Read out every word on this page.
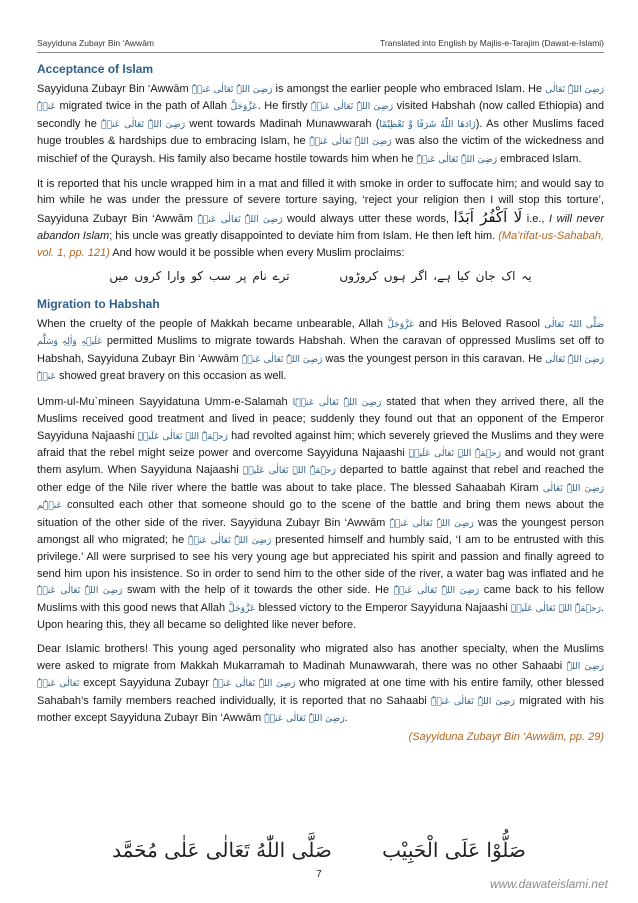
Sayyiduna Zubayr Bin ‘Awwām	Translated into English by Majlis-e-Tarajim (Dawat-e-Islami)
Acceptance of Islam

Sayyiduna Zubayr Bin ‘Awwām رَضِیَ اللہُ تَعَالٰی عَنۡہُ is amongst the earlier people who embraced Islam. He رَضِیَ اللہُ تَعَالٰی عَنۡہُ migrated twice in the path of Allah عَزَّوَجَلَّ. He firstly رَضِیَ اللہُ تَعَالٰی عَنۡہُ visited Habshah (now called Ethiopia) and secondly he رَضِیَ اللہُ تَعَالٰی عَنۡہُ went towards Madinah Munawwarah (زَادَهَا اللّٰهُ شَرَفًا وَّ تَعْظِيْمًا). As other Muslims faced huge troubles & hardships due to embracing Islam, he رَضِیَ اللہُ تَعَالٰی عَنۡہُ was also the victim of the wickedness and mischief of the Quraysh. His family also became hostile towards him when he رَضِیَ اللہُ تَعَالٰی عَنۡہُ embraced Islam.

It is reported that his uncle wrapped him in a mat and filled it with smoke in order to suffocate him; and would say to him while he was under the pressure of severe torture saying, ‘reject your religion then I will stop this torture’, Sayyiduna Zubayr Bin ‘Awwām رَضِیَ اللہُ تَعَالٰی عَنۡہُ would always utter these words, لَا اَكْفُرُ اَبَدًا i.e., I will never abandon Islam; his uncle was greatly disappointed to deviate him from Islam. He then left him. (Ma’rifat-us-Sahabah, vol. 1, pp. 121) And how would it be possible when every Muslim proclaims:

یہ اک جان کیا ہے، اگر ہوں کروڑوں ترے نام پر سب کو وارا کروں میں
Migration to Habshah

When the cruelty of the people of Makkah became unbearable, Allah عَزَّوَجَلَّ and His Beloved Rasool صَلَّی اللہُ تَعَالٰی عَلَیۡہِ وَاٰلِہٖ وَسَلَّم permitted Muslims to migrate towards Habshah. When the caravan of oppressed Muslims set off to Habshah, Sayyiduna Zubayr Bin ‘Awwām رَضِیَ اللہُ تَعَالٰی عَنۡہُ was the youngest person in this caravan. He رَضِیَ اللہُ تَعَالٰی عَنۡہُ showed great bravery on this occasion as well.

Umm-ul-Mu`mineen Sayyidatuna Umm-e-Salamah رَضِیَ اللہُ تَعَالٰی عَنۡہَا stated that when they arrived there, all the Muslims received good treatment and lived in peace; suddenly they found out that an opponent of the Emperor Sayyiduna Najaashi رَحۡمَۃُ اللہِ تَعَالٰی عَلَیۡہِ had revolted against him; which severely grieved the Muslims and they were afraid that the rebel might seize power and overcome Sayyiduna Najaashi رَحۡمَۃُ اللہِ تَعَالٰی عَلَیۡہِ and would not grant them asylum. When Sayyiduna Najaashi رَحۡمَۃُ اللہِ تَعَالٰی عَلَیۡہِ departed to battle against that rebel and reached the other edge of the Nile river where the battle was about to take place. The blessed Sahaabah Kiram رَضِیَ اللہُ تَعَالٰی عَنۡہُم consulted each other that someone should go to the scene of the battle and bring them news about the situation of the other side of the river. Sayyiduna Zubayr Bin ‘Awwām رَضِیَ اللہُ تَعَالٰی عَنۡہُ was the youngest person amongst all who migrated; he رَضِیَ اللہُ تَعَالٰی عَنۡہُ presented himself and humbly said, ‘I am to be entrusted with this privilege.’ All were surprised to see his very young age but appreciated his spirit and passion and finally agreed to send him upon his insistence. So in order to send him to the other side of the river, a water bag was inflated and he رَضِیَ اللہُ تَعَالٰی عَنۡہُ swam with the help of it towards the other side. He رَضِیَ اللہُ تَعَالٰی عَنۡہُ came back to his fellow Muslims with this good news that Allah عَزَّوَجَلَّ blessed victory to the Emperor Sayyiduna Najaashi رَحۡمَۃُ اللہِ تَعَالٰی عَلَیۡہِ. Upon hearing this, they all became so delighted like never before.

Dear Islamic brothers! This young aged personality who migrated also has another specialty, when the Muslims were asked to migrate from Makkah Mukarramah to Madinah Munawwarah, there was no other Sahaabi رَضِیَ اللہُ تَعَالٰی عَنۡہُ except Sayyiduna Zubayr رَضِیَ اللہُ تَعَالٰی عَنۡہُ who migrated at one time with his entire family, other blessed Sahabah’s family members reached individually, it is reported that no Sahaabi رَضِیَ اللہُ تَعَالٰی عَنۡہُ migrated with his mother except Sayyiduna Zubayr Bin ‘Awwām رَضِیَ اللہُ تَعَالٰی عَنۡہُ.

(Sayyiduna Zubayr Bin ‘Awwām, pp. 29)

صَلُّوْا عَلَى الْحَبِيْب صَلَّى اللّٰهُ تَعَالٰى عَلٰى مُحَمَّد
7
www.dawateislami.net
